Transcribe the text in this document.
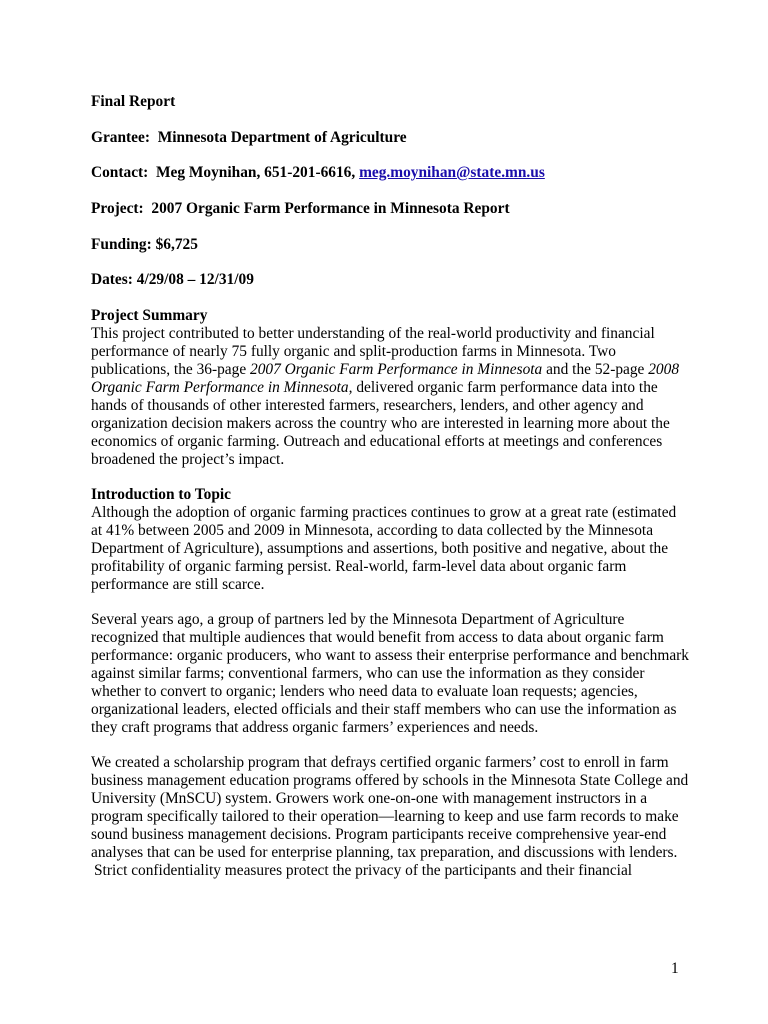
Final Report
Grantee: Minnesota Department of Agriculture
Contact: Meg Moynihan, 651-201-6616, meg.moynihan@state.mn.us
Project: 2007 Organic Farm Performance in Minnesota Report
Funding: $6,725
Dates: 4/29/08 – 12/31/09
Project Summary
This project contributed to better understanding of the real-world productivity and financial
performance of nearly 75 fully organic and split-production farms in Minnesota. Two
publications, the 36-page 2007 Organic Farm Performance in Minnesota and the 52-page 2008
Organic Farm Performance in Minnesota, delivered organic farm performance data into the
hands of thousands of other interested farmers, researchers, lenders, and other agency and
organization decision makers across the country who are interested in learning more about the
economics of organic farming. Outreach and educational efforts at meetings and conferences
broadened the project’s impact.
Introduction to Topic
Although the adoption of organic farming practices continues to grow at a great rate (estimated
at 41% between 2005 and 2009 in Minnesota, according to data collected by the Minnesota
Department of Agriculture), assumptions and assertions, both positive and negative, about the
profitability of organic farming persist. Real-world, farm-level data about organic farm
performance are still scarce.
Several years ago, a group of partners led by the Minnesota Department of Agriculture
recognized that multiple audiences that would benefit from access to data about organic farm
performance: organic producers, who want to assess their enterprise performance and benchmark
against similar farms; conventional farmers, who can use the information as they consider
whether to convert to organic; lenders who need data to evaluate loan requests; agencies,
organizational leaders, elected officials and their staff members who can use the information as
they craft programs that address organic farmers’ experiences and needs.
We created a scholarship program that defrays certified organic farmers’ cost to enroll in farm
business management education programs offered by schools in the Minnesota State College and
University (MnSCU) system. Growers work one-on-one with management instructors in a
program specifically tailored to their operation—learning to keep and use farm records to make
sound business management decisions. Program participants receive comprehensive year-end
analyses that can be used for enterprise planning, tax preparation, and discussions with lenders.
Strict confidentiality measures protect the privacy of the participants and their financial
1
